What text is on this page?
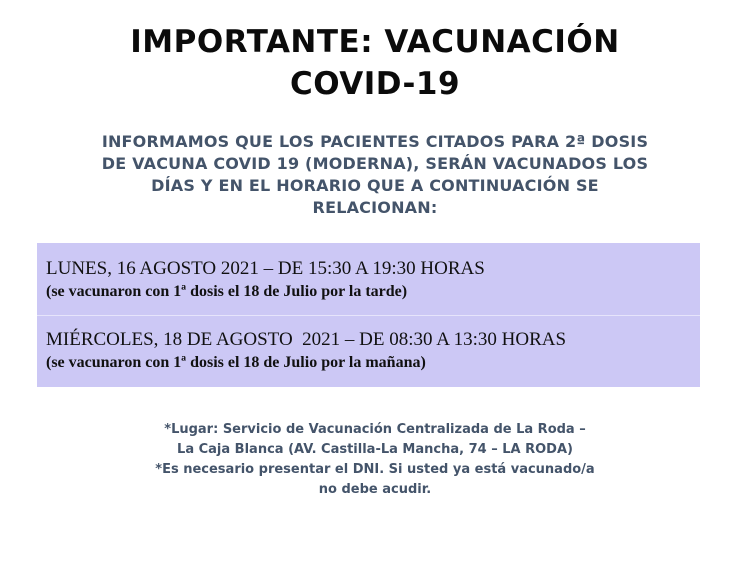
IMPORTANTE: VACUNACIÓN
COVID-19
INFORMAMOS QUE LOS PACIENTES CITADOS PARA 2ª DOSIS
DE VACUNA COVID 19 (MODERNA), SERÁN VACUNADOS LOS
DÍAS Y EN EL HORARIO QUE A CONTINUACIÓN SE
RELACIONAN:
LUNES, 16 AGOSTO 2021 – DE 15:30 A 19:30 HORAS
(se vacunaron con 1ª dosis el 18 de Julio por la tarde)
MIÉRCOLES, 18 DE AGOSTO  2021 – DE 08:30 A 13:30 HORAS
(se vacunaron con 1ª dosis el 18 de Julio por la mañana)
*Lugar: Servicio de Vacunación Centralizada de La Roda –
La Caja Blanca (AV. Castilla-La Mancha, 74 – LA RODA)
*Es necesario presentar el DNI. Si usted ya está vacunado/a
no debe acudir.
